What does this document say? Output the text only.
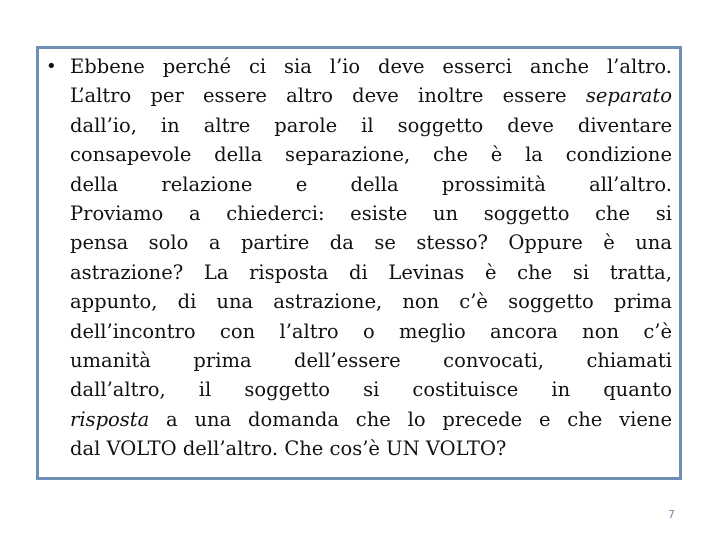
• Ebbene perché ci sia l’io deve esserci anche l’altro.
L’altro per essere altro deve inoltre essere separato
dall’io, in altre parole il soggetto deve diventare
consapevole della separazione, che è la condizione
della relazione e della prossimità all’altro.
Proviamo a chiederci: esiste un soggetto che si
pensa solo a partire da se stesso? Oppure è una
astrazione? La risposta di Levinas è che si tratta,
appunto, di una astrazione, non c’è soggetto prima
dell’incontro con l’altro o meglio ancora non c’è
umanità prima dell’essere convocati, chiamati
dall’altro, il soggetto si costituisce in quanto
risposta a una domanda che lo precede e che viene
dal VOLTO dell’altro. Che cos’è UN VOLTO?
7
